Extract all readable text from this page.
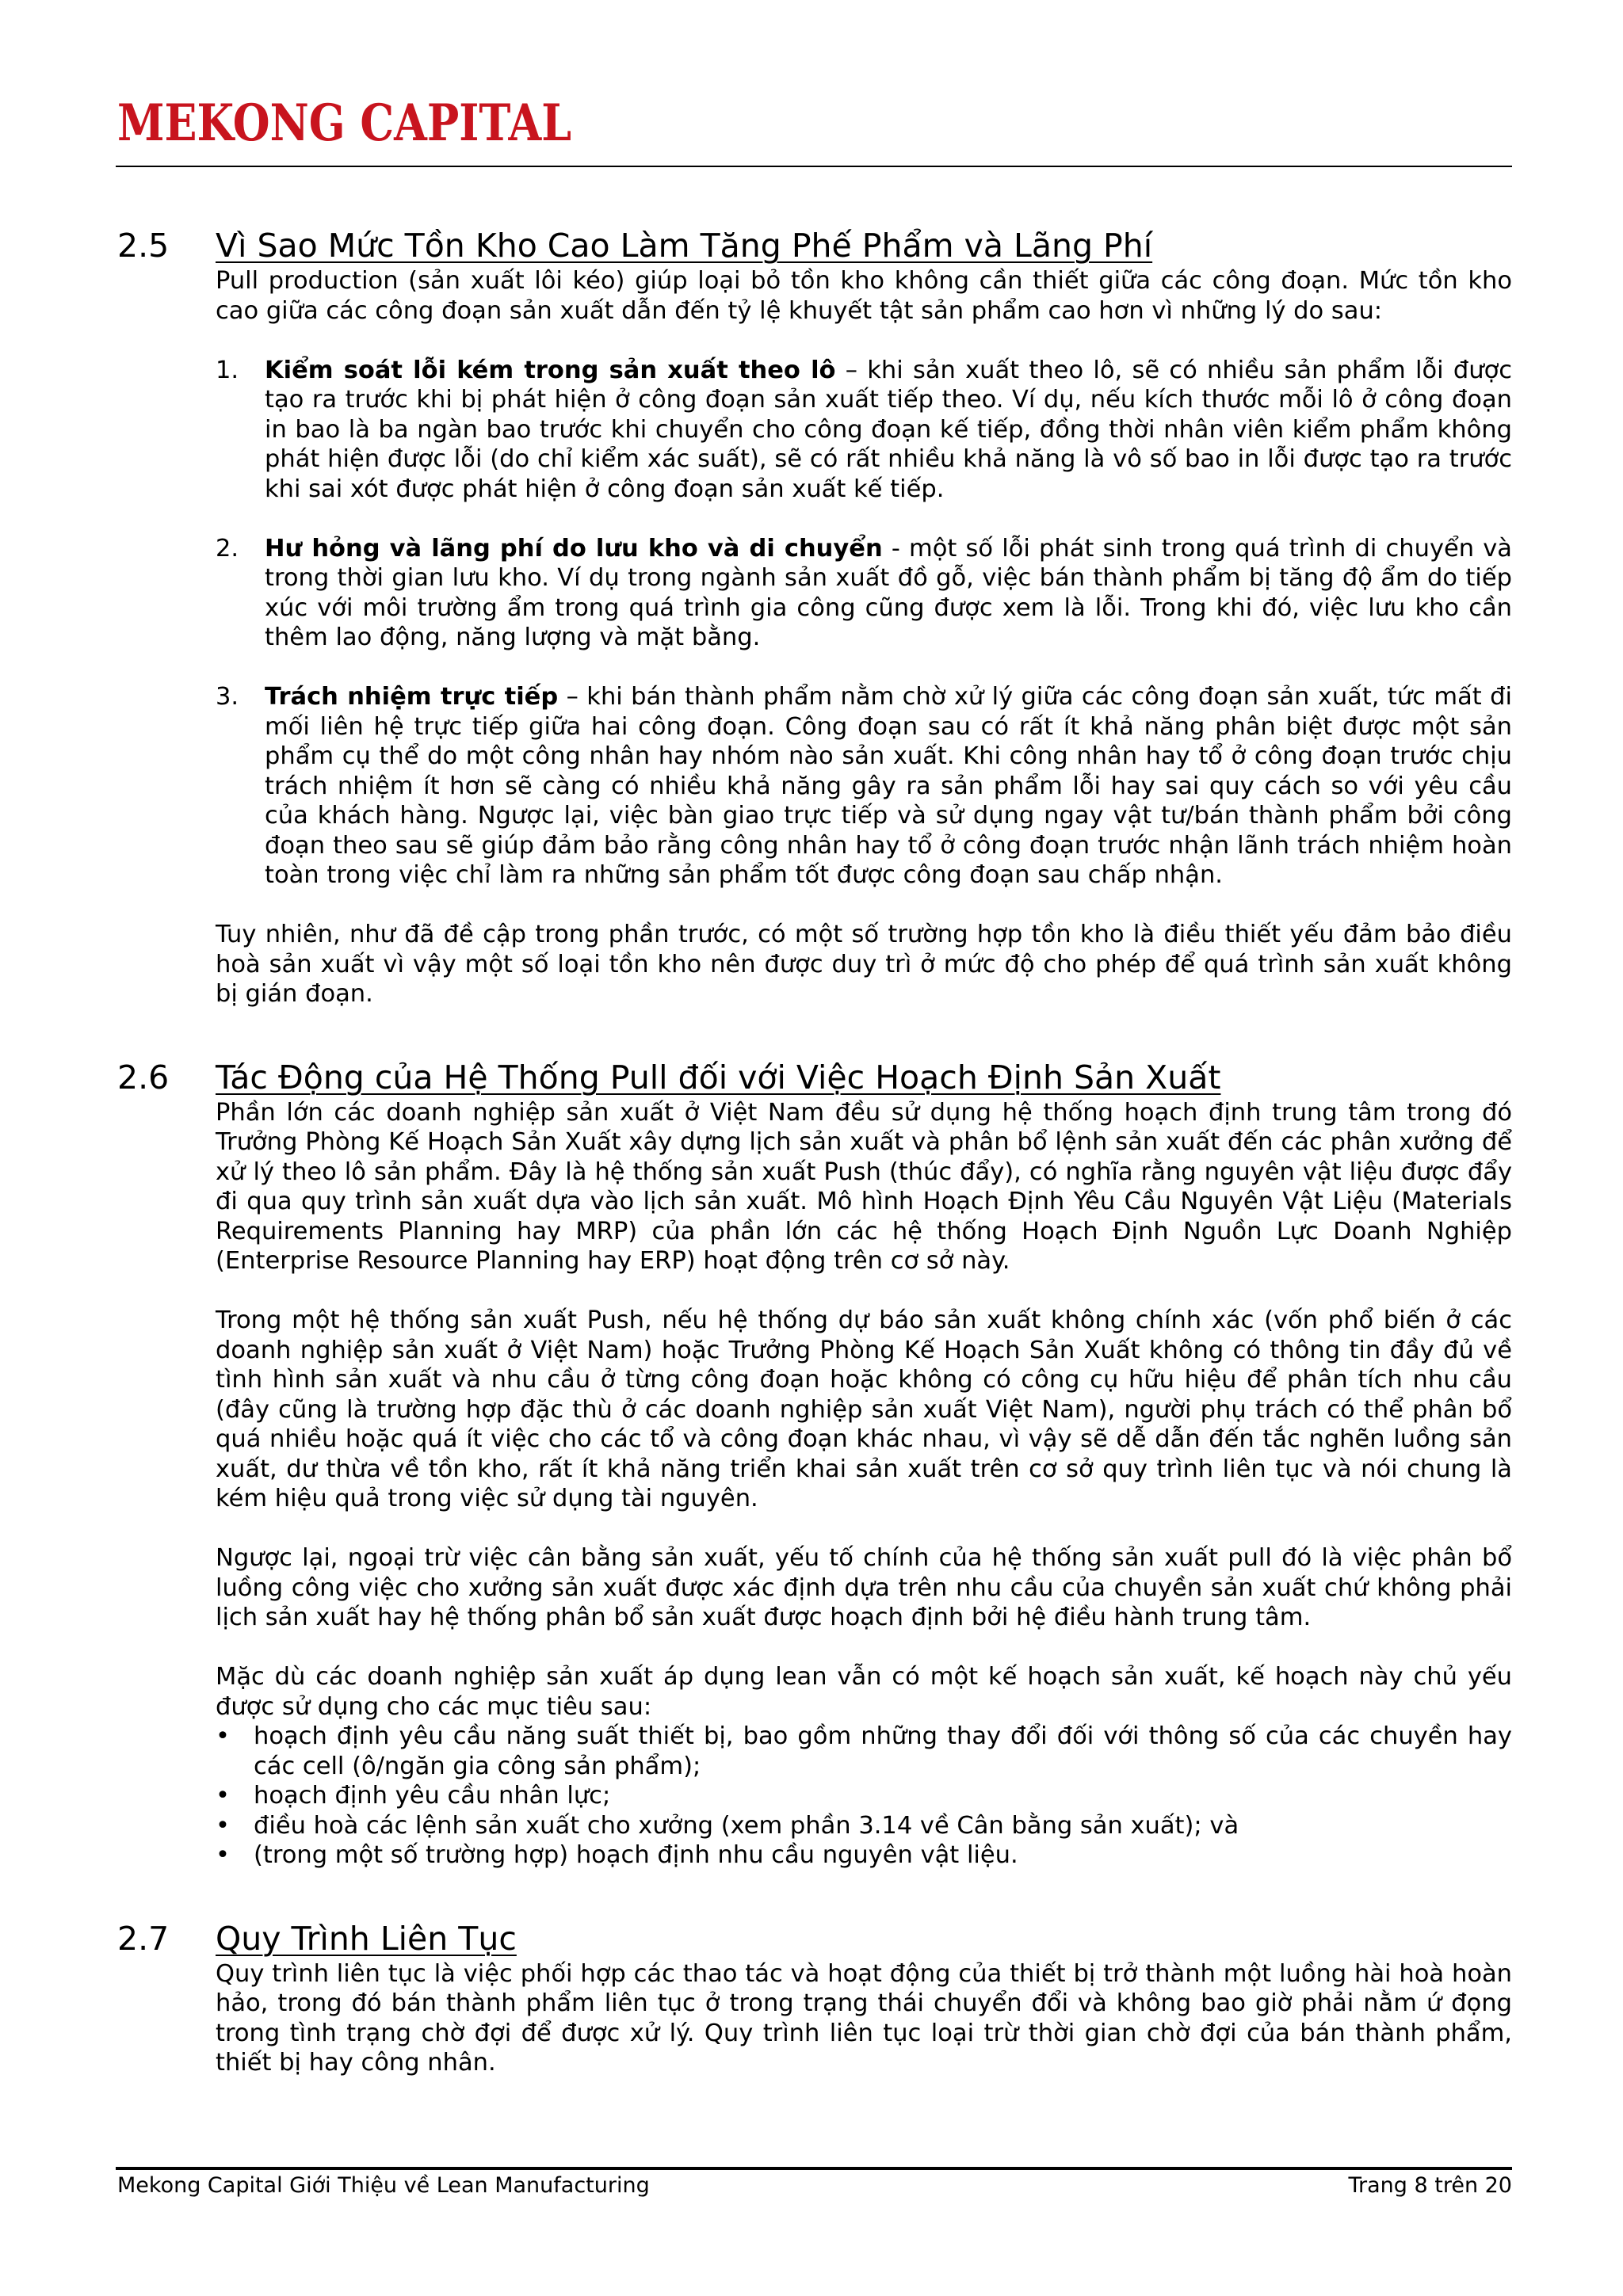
MEKONG CAPITAL
2.5	Vì Sao Mức Tồn Kho Cao Làm Tăng Phế Phẩm và Lãng Phí

Pull production (sản xuất lôi kéo) giúp loại bỏ tồn kho không cần thiết giữa các công đoạn. Mức tồn kho cao giữa các công đoạn sản xuất dẫn đến tỷ lệ khuyết tật sản phẩm cao hơn vì những lý do sau:

1.	Kiểm soát lỗi kém trong sản xuất theo lô – khi sản xuất theo lô, sẽ có nhiều sản phẩm lỗi được tạo ra trước khi bị phát hiện ở công đoạn sản xuất tiếp theo. Ví dụ, nếu kích thước mỗi lô ở công đoạn in bao là ba ngàn bao trước khi chuyển cho công đoạn kế tiếp, đồng thời nhân viên kiểm phẩm không phát hiện được lỗi (do chỉ kiểm xác suất), sẽ có rất nhiều khả năng là vô số bao in lỗi được tạo ra trước khi sai xót được phát hiện ở công đoạn sản xuất kế tiếp.
2.	Hư hỏng và lãng phí do lưu kho và di chuyển - một số lỗi phát sinh trong quá trình di chuyển và trong thời gian lưu kho. Ví dụ trong ngành sản xuất đồ gỗ, việc bán thành phẩm bị tăng độ ẩm do tiếp xúc với môi trường ẩm trong quá trình gia công cũng được xem là lỗi. Trong khi đó, việc lưu kho cần thêm lao động, năng lượng và mặt bằng.
3.	Trách nhiệm trực tiếp – khi bán thành phẩm nằm chờ xử lý giữa các công đoạn sản xuất, tức mất đi mối liên hệ trực tiếp giữa hai công đoạn. Công đoạn sau có rất ít khả năng phân biệt được một sản phẩm cụ thể do một công nhân hay nhóm nào sản xuất. Khi công nhân hay tổ ở công đoạn trước chịu trách nhiệm ít hơn sẽ càng có nhiều khả năng gây ra sản phẩm lỗi hay sai quy cách so với yêu cầu của khách hàng. Ngược lại, việc bàn giao trực tiếp và sử dụng ngay vật tư/bán thành phẩm bởi công đoạn theo sau sẽ giúp đảm bảo rằng công nhân hay tổ ở công đoạn trước nhận lãnh trách nhiệm hoàn toàn trong việc chỉ làm ra những sản phẩm tốt được công đoạn sau chấp nhận.

Tuy nhiên, như đã đề cập trong phần trước, có một số trường hợp tồn kho là điều thiết yếu đảm bảo điều hoà sản xuất vì vậy một số loại tồn kho nên được duy trì ở mức độ cho phép để quá trình sản xuất không bị gián đoạn.

2.6	Tác Động của Hệ Thống Pull đối với Việc Hoạch Định Sản Xuất

Phần lớn các doanh nghiệp sản xuất ở Việt Nam đều sử dụng hệ thống hoạch định trung tâm trong đó Trưởng Phòng Kế Hoạch Sản Xuất xây dựng lịch sản xuất và phân bổ lệnh sản xuất đến các phân xưởng để xử lý theo lô sản phẩm. Đây là hệ thống sản xuất Push (thúc đẩy), có nghĩa rằng nguyên vật liệu được đẩy đi qua quy trình sản xuất dựa vào lịch sản xuất. Mô hình Hoạch Định Yêu Cầu Nguyên Vật Liệu (Materials Requirements Planning hay MRP) của phần lớn các hệ thống Hoạch Định Nguồn Lực Doanh Nghiệp (Enterprise Resource Planning hay ERP) hoạt động trên cơ sở này.

Trong một hệ thống sản xuất Push, nếu hệ thống dự báo sản xuất không chính xác (vốn phổ biến ở các doanh nghiệp sản xuất ở Việt Nam) hoặc Trưởng Phòng Kế Hoạch Sản Xuất không có thông tin đầy đủ về tình hình sản xuất và nhu cầu ở từng công đoạn hoặc không có công cụ hữu hiệu để phân tích nhu cầu (đây cũng là trường hợp đặc thù ở các doanh nghiệp sản xuất Việt Nam), người phụ trách có thể phân bổ quá nhiều hoặc quá ít việc cho các tổ và công đoạn khác nhau, vì vậy sẽ dễ dẫn đến tắc nghẽn luồng sản xuất, dư thừa về tồn kho, rất ít khả năng triển khai sản xuất trên cơ sở quy trình liên tục và nói chung là kém hiệu quả trong việc sử dụng tài nguyên.

Ngược lại, ngoại trừ việc cân bằng sản xuất, yếu tố chính của hệ thống sản xuất pull đó là việc phân bổ luồng công việc cho xưởng sản xuất được xác định dựa trên nhu cầu của chuyền sản xuất chứ không phải lịch sản xuất hay hệ thống phân bổ sản xuất được hoạch định bởi hệ điều hành trung tâm.

Mặc dù các doanh nghiệp sản xuất áp dụng lean vẫn có một kế hoạch sản xuất, kế hoạch này chủ yếu được sử dụng cho các mục tiêu sau:

• hoạch định yêu cầu năng suất thiết bị, bao gồm những thay đổi đối với thông số của các chuyền hay các cell (ô/ngăn gia công sản phẩm);
• hoạch định yêu cầu nhân lực;
• điều hoà các lệnh sản xuất cho xưởng (xem phần 3.14 về Cân bằng sản xuất); và
• (trong một số trường hợp) hoạch định nhu cầu nguyên vật liệu.
2.7	Quy Trình Liên Tục

Quy trình liên tục là việc phối hợp các thao tác và hoạt động của thiết bị trở thành một luồng hài hoà hoàn hảo, trong đó bán thành phẩm liên tục ở trong trạng thái chuyển đổi và không bao giờ phải nằm ứ đọng trong tình trạng chờ đợi để được xử lý. Quy trình liên tục loại trừ thời gian chờ đợi của bán thành phẩm, thiết bị hay công nhân.

Mekong Capital Giới Thiệu về Lean Manufacturing	Trang 8 trên 20
